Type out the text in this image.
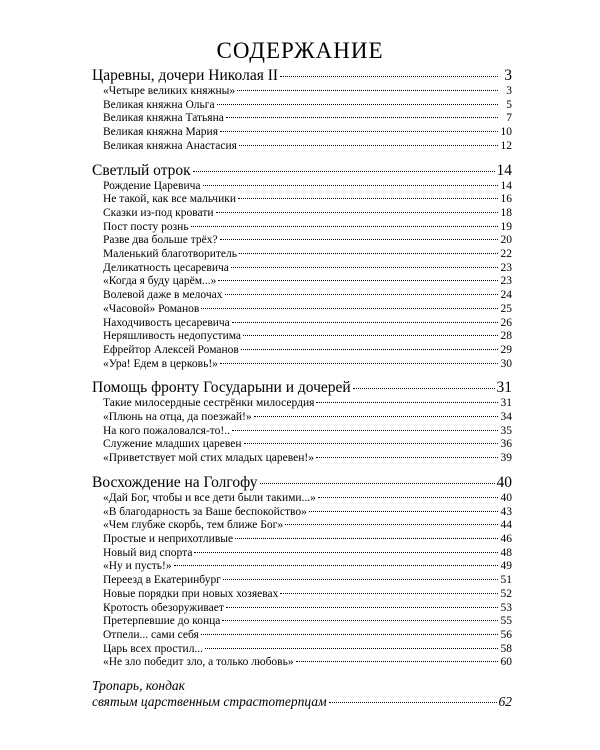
СОДЕРЖАНИЕ
Царевны, дочери Николая II	3
«Четыре великих княжны»	3
Великая княжна Ольга	5
Великая княжна Татьяна	7
Великая княжна Мария	10
Великая княжна Анастасия	12
Светлый отрок	14
Рождение Царевича	14
Не такой, как все мальчики	16
Сказки из-под кровати	18
Пост посту рознь	19
Разве два больше трёх?	20
Маленький благотворитель	22
Деликатность цесаревича	23
«Когда я буду царём...»	23
Волевой даже в мелочах	24
«Часовой» Романов	25
Находчивость цесаревича	26
Неряшливость недопустима	28
Ефрейтор Алексей Романов	29
«Ура! Едем в церковь!»	30
Помощь фронту Государыни и дочерей	31
Такие милосердные сестрёнки милосердия	31
«Плюнь на отца, да поезжай!»	34
На кого пожаловался-то!..	35
Служение младших царевен	36
«Приветствует мой стих младых царевен!»	39
Восхождение на Голгофу	40
«Дай Бог, чтобы и все дети были такими...»	40
«В благодарность за Ваше беспокойство»	43
«Чем глубже скорбь, тем ближе Бог»	44
Простые и неприхотливые	46
Новый вид спорта	48
«Ну и пусть!»	49
Переезд в Екатеринбург	51
Новые порядки при новых хозяевах	52
Кротость обезоруживает	53
Претерпевшие до конца	55
Отпели... сами себя	56
Царь всех простил...	58
«Не зло победит зло, а только любовь»	60
Тропарь, кондак
святым царственным страстотерпцам	62
